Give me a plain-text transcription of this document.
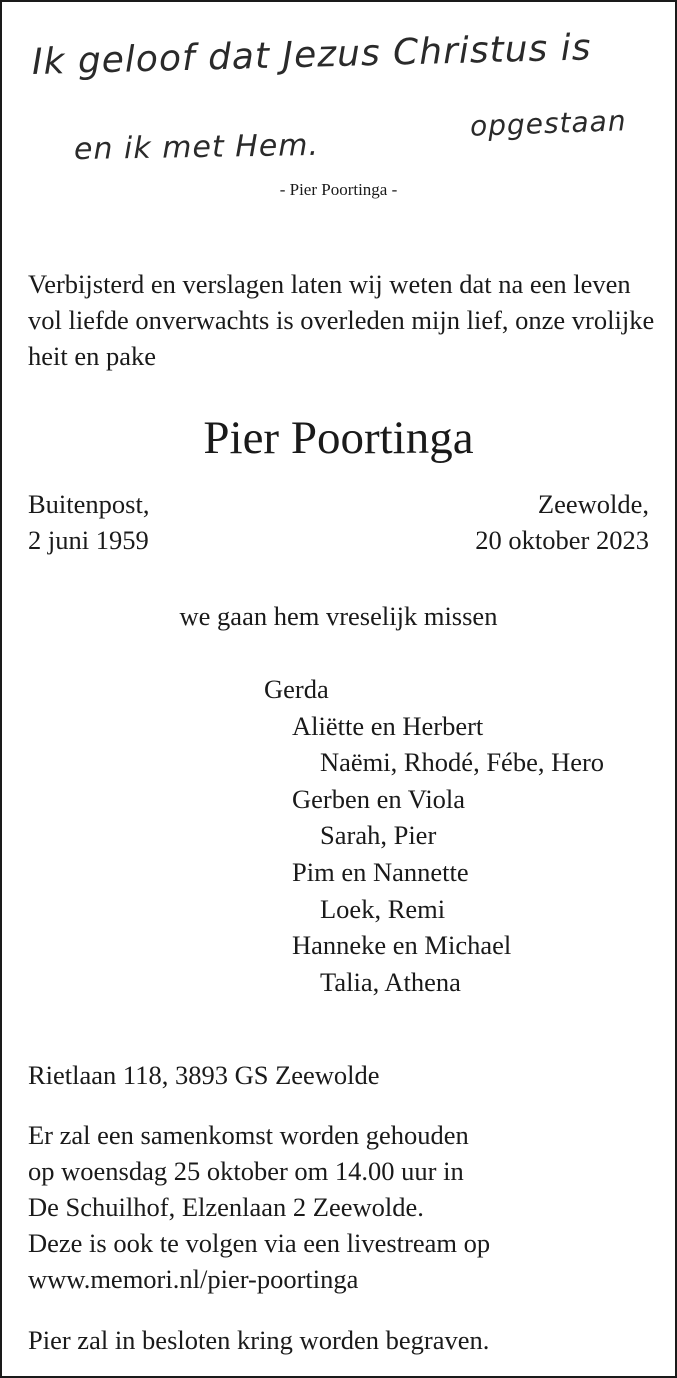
Ik geloof dat Jezus Christus is
opgestaan
en ik met Hem.
- Pier Poortinga -

Verbijsterd en verslagen laten wij weten dat na een leven vol liefde onverwachts is overleden mijn lief, onze vrolijke heit en pake

Pier Poortinga
Buitenpost,
2 juni 1959
Zeewolde,
20 oktober 2023
we gaan hem vreselijk missen
Gerda
Aliëtte en Herbert
Naëmi, Rhodé, Fébe, Hero
Gerben en Viola
Sarah, Pier
Pim en Nannette
Loek, Remi
Hanneke en Michael
Talia, Athena
Rietlaan 118, 3893 GS Zeewolde

Er zal een samenkomst worden gehouden
op woensdag 25 oktober om 14.00 uur in
De Schuilhof, Elzenlaan 2 Zeewolde.
Deze is ook te volgen via een livestream op
www.memori.nl/pier-poortinga

Pier zal in besloten kring worden begraven.
